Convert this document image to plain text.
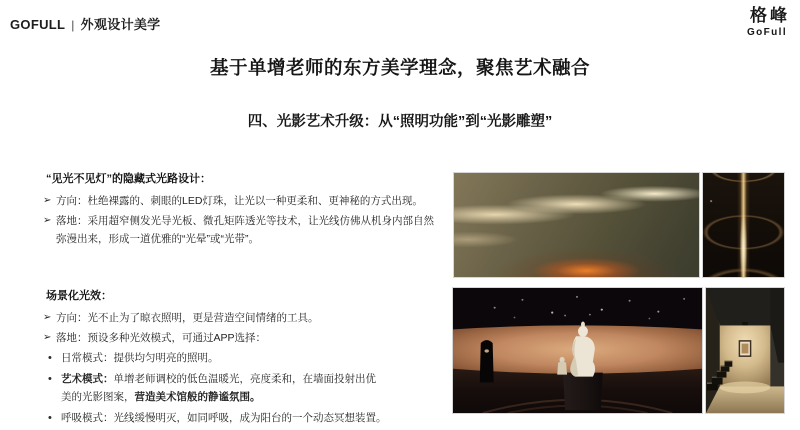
GOFULL | 外观设计美学	格峰
GoFull
基于单增老师的东方美学理念，聚焦艺术融合
四、光影艺术升级：从“照明功能”到“光影雕塑”
“见光不见灯”的隐藏式光路设计：
➢ 方向：杜绝裸露的、刺眼的LED灯珠，让光以一种更柔和、更神秘的方式出现。
➢ 落地：采用超窄侧发光导光板、微孔矩阵透光等技术，让光线仿佛从机身内部自然弥漫出来，形成一道优雅的“光晕”或“光带”。
场景化光效：
➢ 方向：光不止为了晾衣照明，更是营造空间情绪的工具。
➢ 落地：预设多种光效模式，可通过APP选择：
• 日常模式：提供均匀明亮的照明。
• 艺术模式：单增老师调校的低色温暖光，亮度柔和，在墙面投射出优美的光影图案，营造美术馆般的静谧氛围。
• 呼吸模式：光线缓慢明灭，如同呼吸，成为阳台的一个动态冥想装置。
